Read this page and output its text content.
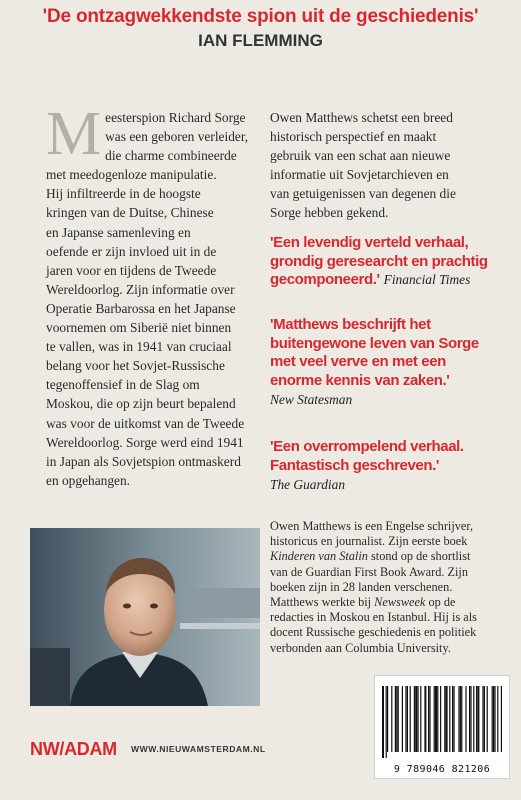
'De ontzagwekkendste spion uit de geschiedenis'
IAN FLEMMING
M eesterspion Richard Sorge
was een geboren verleider,
die charme combineerde
met meedogenloze manipulatie.
Hij infiltreerde in de hoogste
kringen van de Duitse, Chinese
en Japanse samenleving en
oefende er zijn invloed uit in de
jaren voor en tijdens de Tweede
Wereldoorlog. Zijn informatie over
Operatie Barbarossa en het Japanse
voornemen om Siberië niet binnen
te vallen, was in 1941 van cruciaal
belang voor het Sovjet-Russische
tegenoffensief in de Slag om
Moskou, die op zijn beurt bepalend
was voor de uitkomst van de Tweede
Wereldoorlog. Sorge werd eind 1941
in Japan als Sovjetspion ontmaskerd
en opgehangen.
Owen Matthews schetst een breed
historisch perspectief en maakt
gebruik van een schat aan nieuwe
informatie uit Sovjetarchieven en
van getuigenissen van degenen die
Sorge hebben gekend.
'Een levendig verteld verhaal,
grondig geresearcht en prachtig
gecomponeerd.' Financial Times
'Matthews beschrijft het
buitengewone leven van Sorge
met veel verve en met een
enorme kennis van zaken.'
New Statesman
'Een overrompelend verhaal.
Fantastisch geschreven.'
The Guardian
Owen Matthews is een Engelse schrijver,
historicus en journalist. Zijn eerste boek
Kinderen van Stalin stond op de shortlist
van de Guardian First Book Award. Zijn
boeken zijn in 28 landen verschenen.
Matthews werkte bij Newsweek op de
redacties in Moskou en Istanbul. Hij is als
docent Russische geschiedenis en politiek
verbonden aan Columbia University.
9 789046 821206
NW/ADAM WWW.NIEUWAMSTERDAM.NL
